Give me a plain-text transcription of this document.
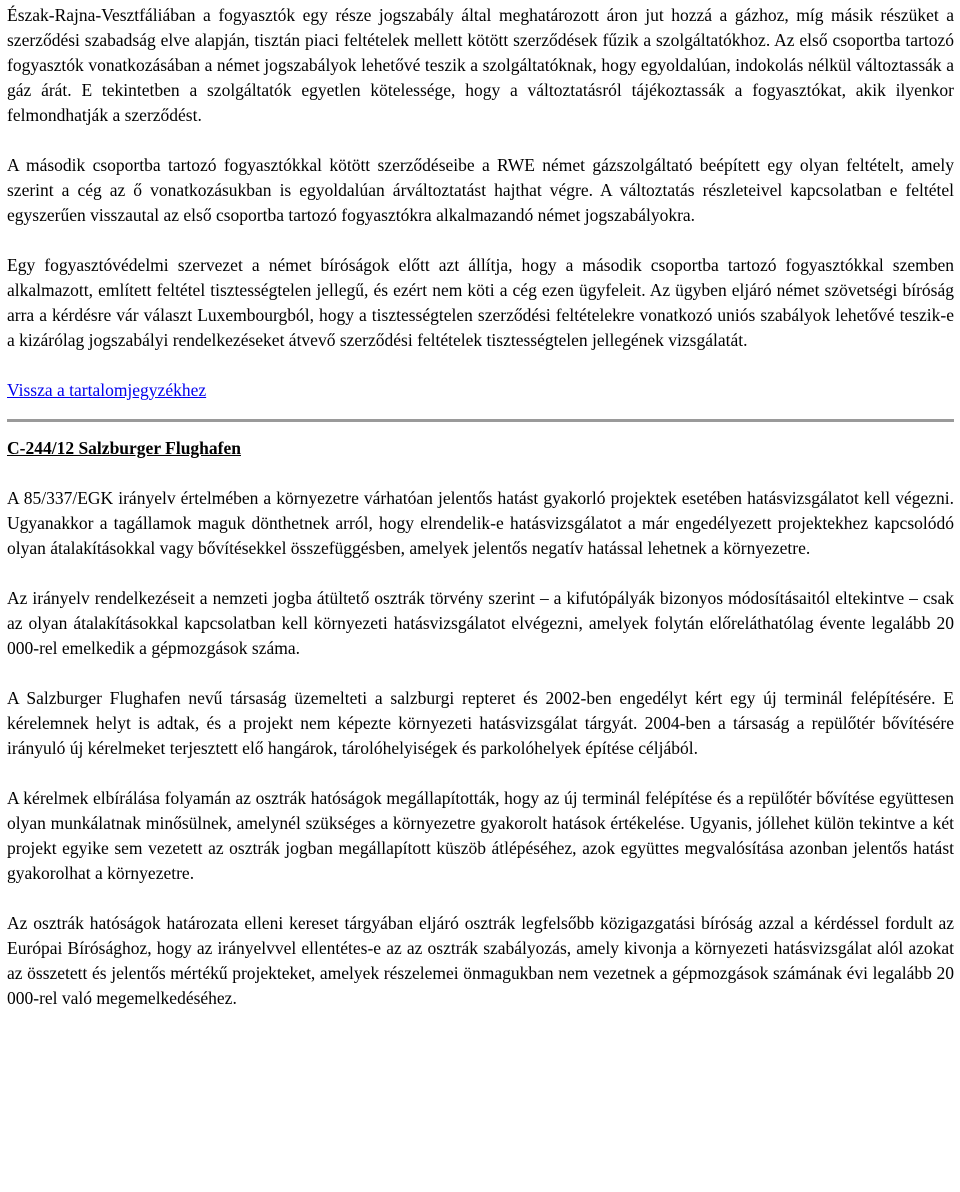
Észak-Rajna-Vesztfáliában a fogyasztók egy része jogszabály által meghatározott áron jut hozzá a gázhoz, míg másik részüket a szerződési szabadság elve alapján, tisztán piaci feltételek mellett kötött szerződések fűzik a szolgáltatókhoz. Az első csoportba tartozó fogyasztók vonatkozásában a német jogszabályok lehetővé teszik a szolgáltatóknak, hogy egyoldalúan, indokolás nélkül változtassák a gáz árát. E tekintetben a szolgáltatók egyetlen kötelessége, hogy a változtatásról tájékoztassák a fogyasztókat, akik ilyenkor felmondhatják a szerződést.

A második csoportba tartozó fogyasztókkal kötött szerződéseibe a RWE német gázszolgáltató beépített egy olyan feltételt, amely szerint a cég az ő vonatkozásukban is egyoldalúan árváltoztatást hajthat végre. A változtatás részleteivel kapcsolatban e feltétel egyszerűen visszautal az első csoportba tartozó fogyasztókra alkalmazandó német jogszabályokra.

Egy fogyasztóvédelmi szervezet a német bíróságok előtt azt állítja, hogy a második csoportba tartozó fogyasztókkal szemben alkalmazott, említett feltétel tisztességtelen jellegű, és ezért nem köti a cég ezen ügyfeleit. Az ügyben eljáró német szövetségi bíróság arra a kérdésre vár választ Luxembourgból, hogy a tisztességtelen szerződési feltételekre vonatkozó uniós szabályok lehetővé teszik-e a kizárólag jogszabályi rendelkezéseket átvevő szerződési feltételek tisztességtelen jellegének vizsgálatát.

Vissza a tartalomjegyzékhez

C-244/12 Salzburger Flughafen

A 85/337/EGK irányelv értelmében a környezetre várhatóan jelentős hatást gyakorló projektek esetében hatásvizsgálatot kell végezni. Ugyanakkor a tagállamok maguk dönthetnek arról, hogy elrendelik-e hatásvizsgálatot a már engedélyezett projektekhez kapcsolódó olyan átalakításokkal vagy bővítésekkel összefüggésben, amelyek jelentős negatív hatással lehetnek a környezetre.

Az irányelv rendelkezéseit a nemzeti jogba átültető osztrák törvény szerint – a kifutópályák bizonyos módosításaitól eltekintve – csak az olyan átalakításokkal kapcsolatban kell környezeti hatásvizsgálatot elvégezni, amelyek folytán előreláthatólag évente legalább 20 000-rel emelkedik a gépmozgások száma.

A Salzburger Flughafen nevű társaság üzemelteti a salzburgi repteret és 2002-ben engedélyt kért egy új terminál felépítésére. E kérelemnek helyt is adtak, és a projekt nem képezte környezeti hatásvizsgálat tárgyát. 2004-ben a társaság a repülőtér bővítésére irányuló új kérelmeket terjesztett elő hangárok, tárolóhelyiségek és parkolóhelyek építése céljából.

A kérelmek elbírálása folyamán az osztrák hatóságok megállapították, hogy az új terminál felépítése és a repülőtér bővítése együttesen olyan munkálatnak minősülnek, amelynél szükséges a környezetre gyakorolt hatások értékelése. Ugyanis, jóllehet külön tekintve a két projekt egyike sem vezetett az osztrák jogban megállapított küszöb átlépéséhez, azok együttes megvalósítása azonban jelentős hatást gyakorolhat a környezetre.

Az osztrák hatóságok határozata elleni kereset tárgyában eljáró osztrák legfelsőbb közigazgatási bíróság azzal a kérdéssel fordult az Európai Bírósághoz, hogy az irányelvvel ellentétes-e az az osztrák szabályozás, amely kivonja a környezeti hatásvizsgálat alól azokat az összetett és jelentős mértékű projekteket, amelyek részelemei önmagukban nem vezetnek a gépmozgások számának évi legalább 20 000-rel való megemelkedéséhez.
